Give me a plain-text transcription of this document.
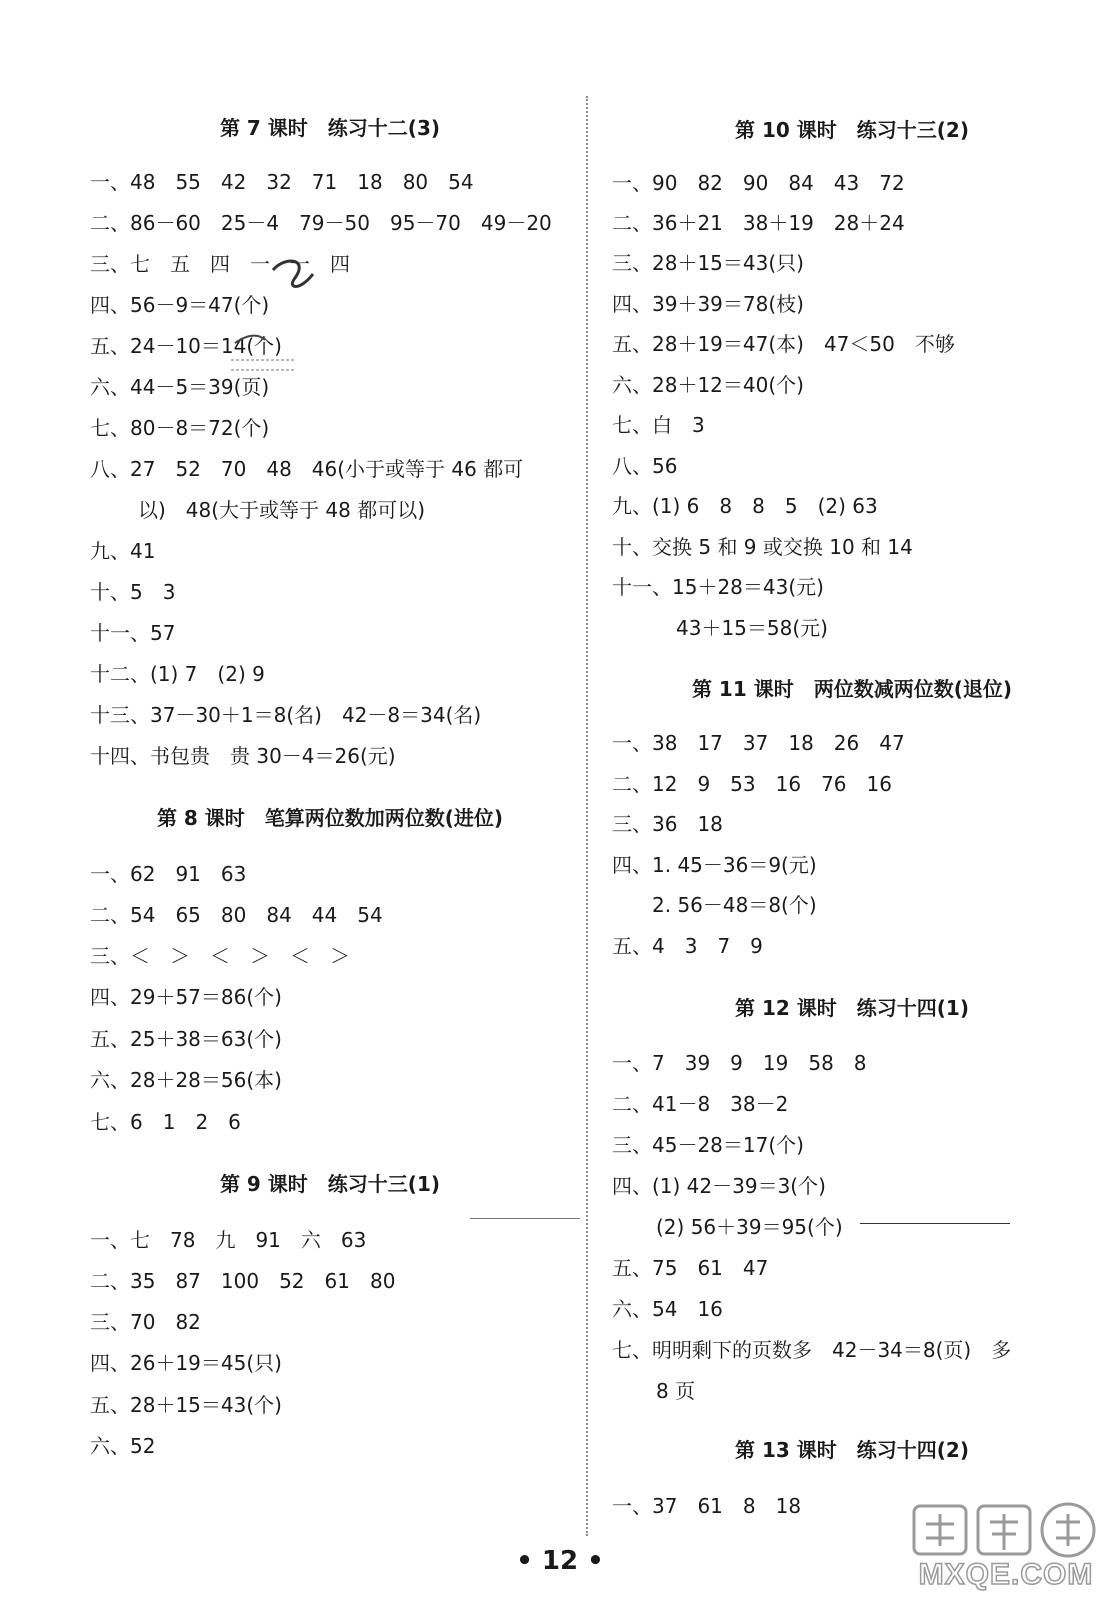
第 7 课时　练习十二(3)
一、48　55　42　32　71　18　80　54
二、86－60　25－4　79－50　95－70　49－20
三、七　五　四　一　一　四
四、56－9＝47(个)
五、24－10＝14(个)
六、44－5＝39(页)
七、80－8＝72(个)
八、27　52　70　48　46(小于或等于 46 都可
以)　48(大于或等于 48 都可以)
九、41
十、5　3
十一、57
十二、(1) 7　(2) 9
十三、37－30＋1＝8(名)　42－8＝34(名)
十四、书包贵　贵 30－4＝26(元)
第 8 课时　笔算两位数加两位数(进位)
一、62　91　63
二、54　65　80　84　44　54
三、＜　＞　＜　＞　＜　＞
四、29＋57＝86(个)
五、25＋38＝63(个)
六、28＋28＝56(本)
七、6　1　2　6
第 9 课时　练习十三(1)
一、七　78　九　91　六　63
二、35　87　100　52　61　80
三、70　82
四、26＋19＝45(只)
五、28＋15＝43(个)
六、52
第 10 课时　练习十三(2)
一、90　82　90　84　43　72
二、36＋21　38＋19　28＋24
三、28＋15＝43(只)
四、39＋39＝78(枝)
五、28＋19＝47(本)　47＜50　不够
六、28＋12＝40(个)
七、白　3
八、56
九、(1) 6　8　8　5　(2) 63
十、交换 5 和 9 或交换 10 和 14
十一、15＋28＝43(元)
43＋15＝58(元)
第 11 课时　两位数减两位数(退位)
一、38　17　37　18　26　47
二、12　9　53　16　76　16
三、36　18
四、1. 45－36＝9(元)
2. 56－48＝8(个)
五、4　3　7　9
第 12 课时　练习十四(1)
一、7　39　9　19　58　8
二、41－8　38－2
三、45－28＝17(个)
四、(1) 42－39＝3(个)
(2) 56＋39＝95(个)
五、75　61　47
六、54　16
七、明明剩下的页数多　42－34＝8(页)　多
8 页
第 13 课时　练习十四(2)
一、37　61　8　18
• 12 •	MXQE.COM
